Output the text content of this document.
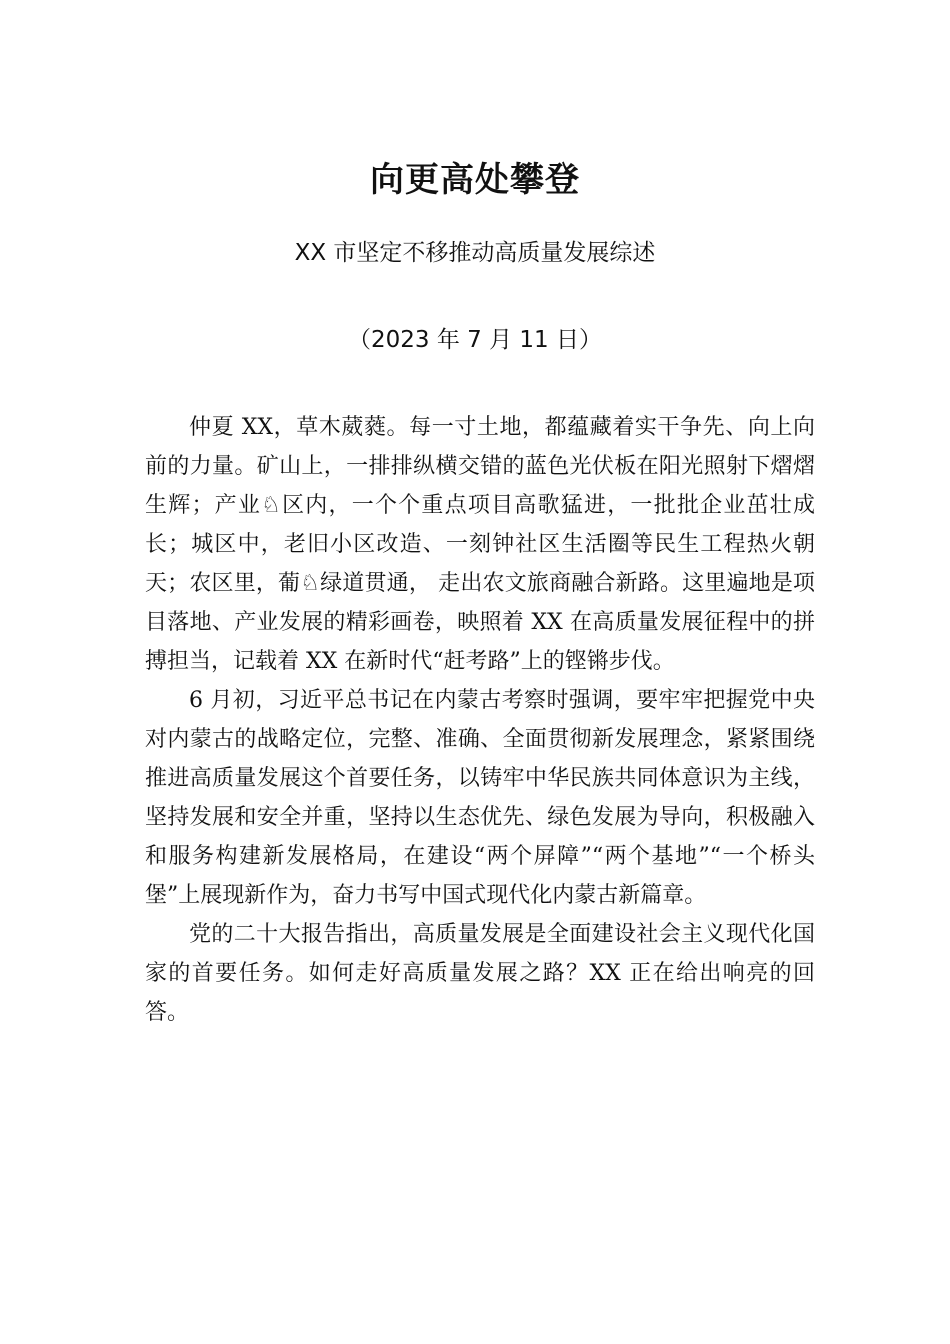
向更高处攀登
XX 市坚定不移推动高质量发展综述
（2023 年 7 月 11 日）

仲夏 XX，草木葳蕤。每一寸土地，都蕴藏着实干争先、向上向前的力量。矿山上，一排排纵横交错的蓝色光伏板在阳光照射下熠熠生辉；产业♘区内，一个个重点项目高歌猛进，一批批企业茁壮成长；城区中，老旧小区改造、一刻钟社区生活圈等民生工程热火朝天；农区里，葡♘绿道贯通， 走出农文旅商融合新路。这里遍地是项目落地、产业发展的精彩画卷，映照着 XX 在高质量发展征程中的拼搏担当，记载着 XX 在新时代“赶考路”上的铿锵步伐。

6 月初，习近平总书记在内蒙古考察时强调，要牢牢把握党中央对内蒙古的战略定位，完整、准确、全面贯彻新发展理念，紧紧围绕推进高质量发展这个首要任务，以铸牢中华民族共同体意识为主线，坚持发展和安全并重，坚持以生态优先、绿色发展为导向，积极融入和服务构建新发展格局，在建设“两个屏障”“两个基地”“一个桥头堡”上展现新作为，奋力书写中国式现代化内蒙古新篇章。

党的二十大报告指出，高质量发展是全面建设社会主义现代化国家的首要任务。如何走好高质量发展之路？XX 正在给出响亮的回答。
